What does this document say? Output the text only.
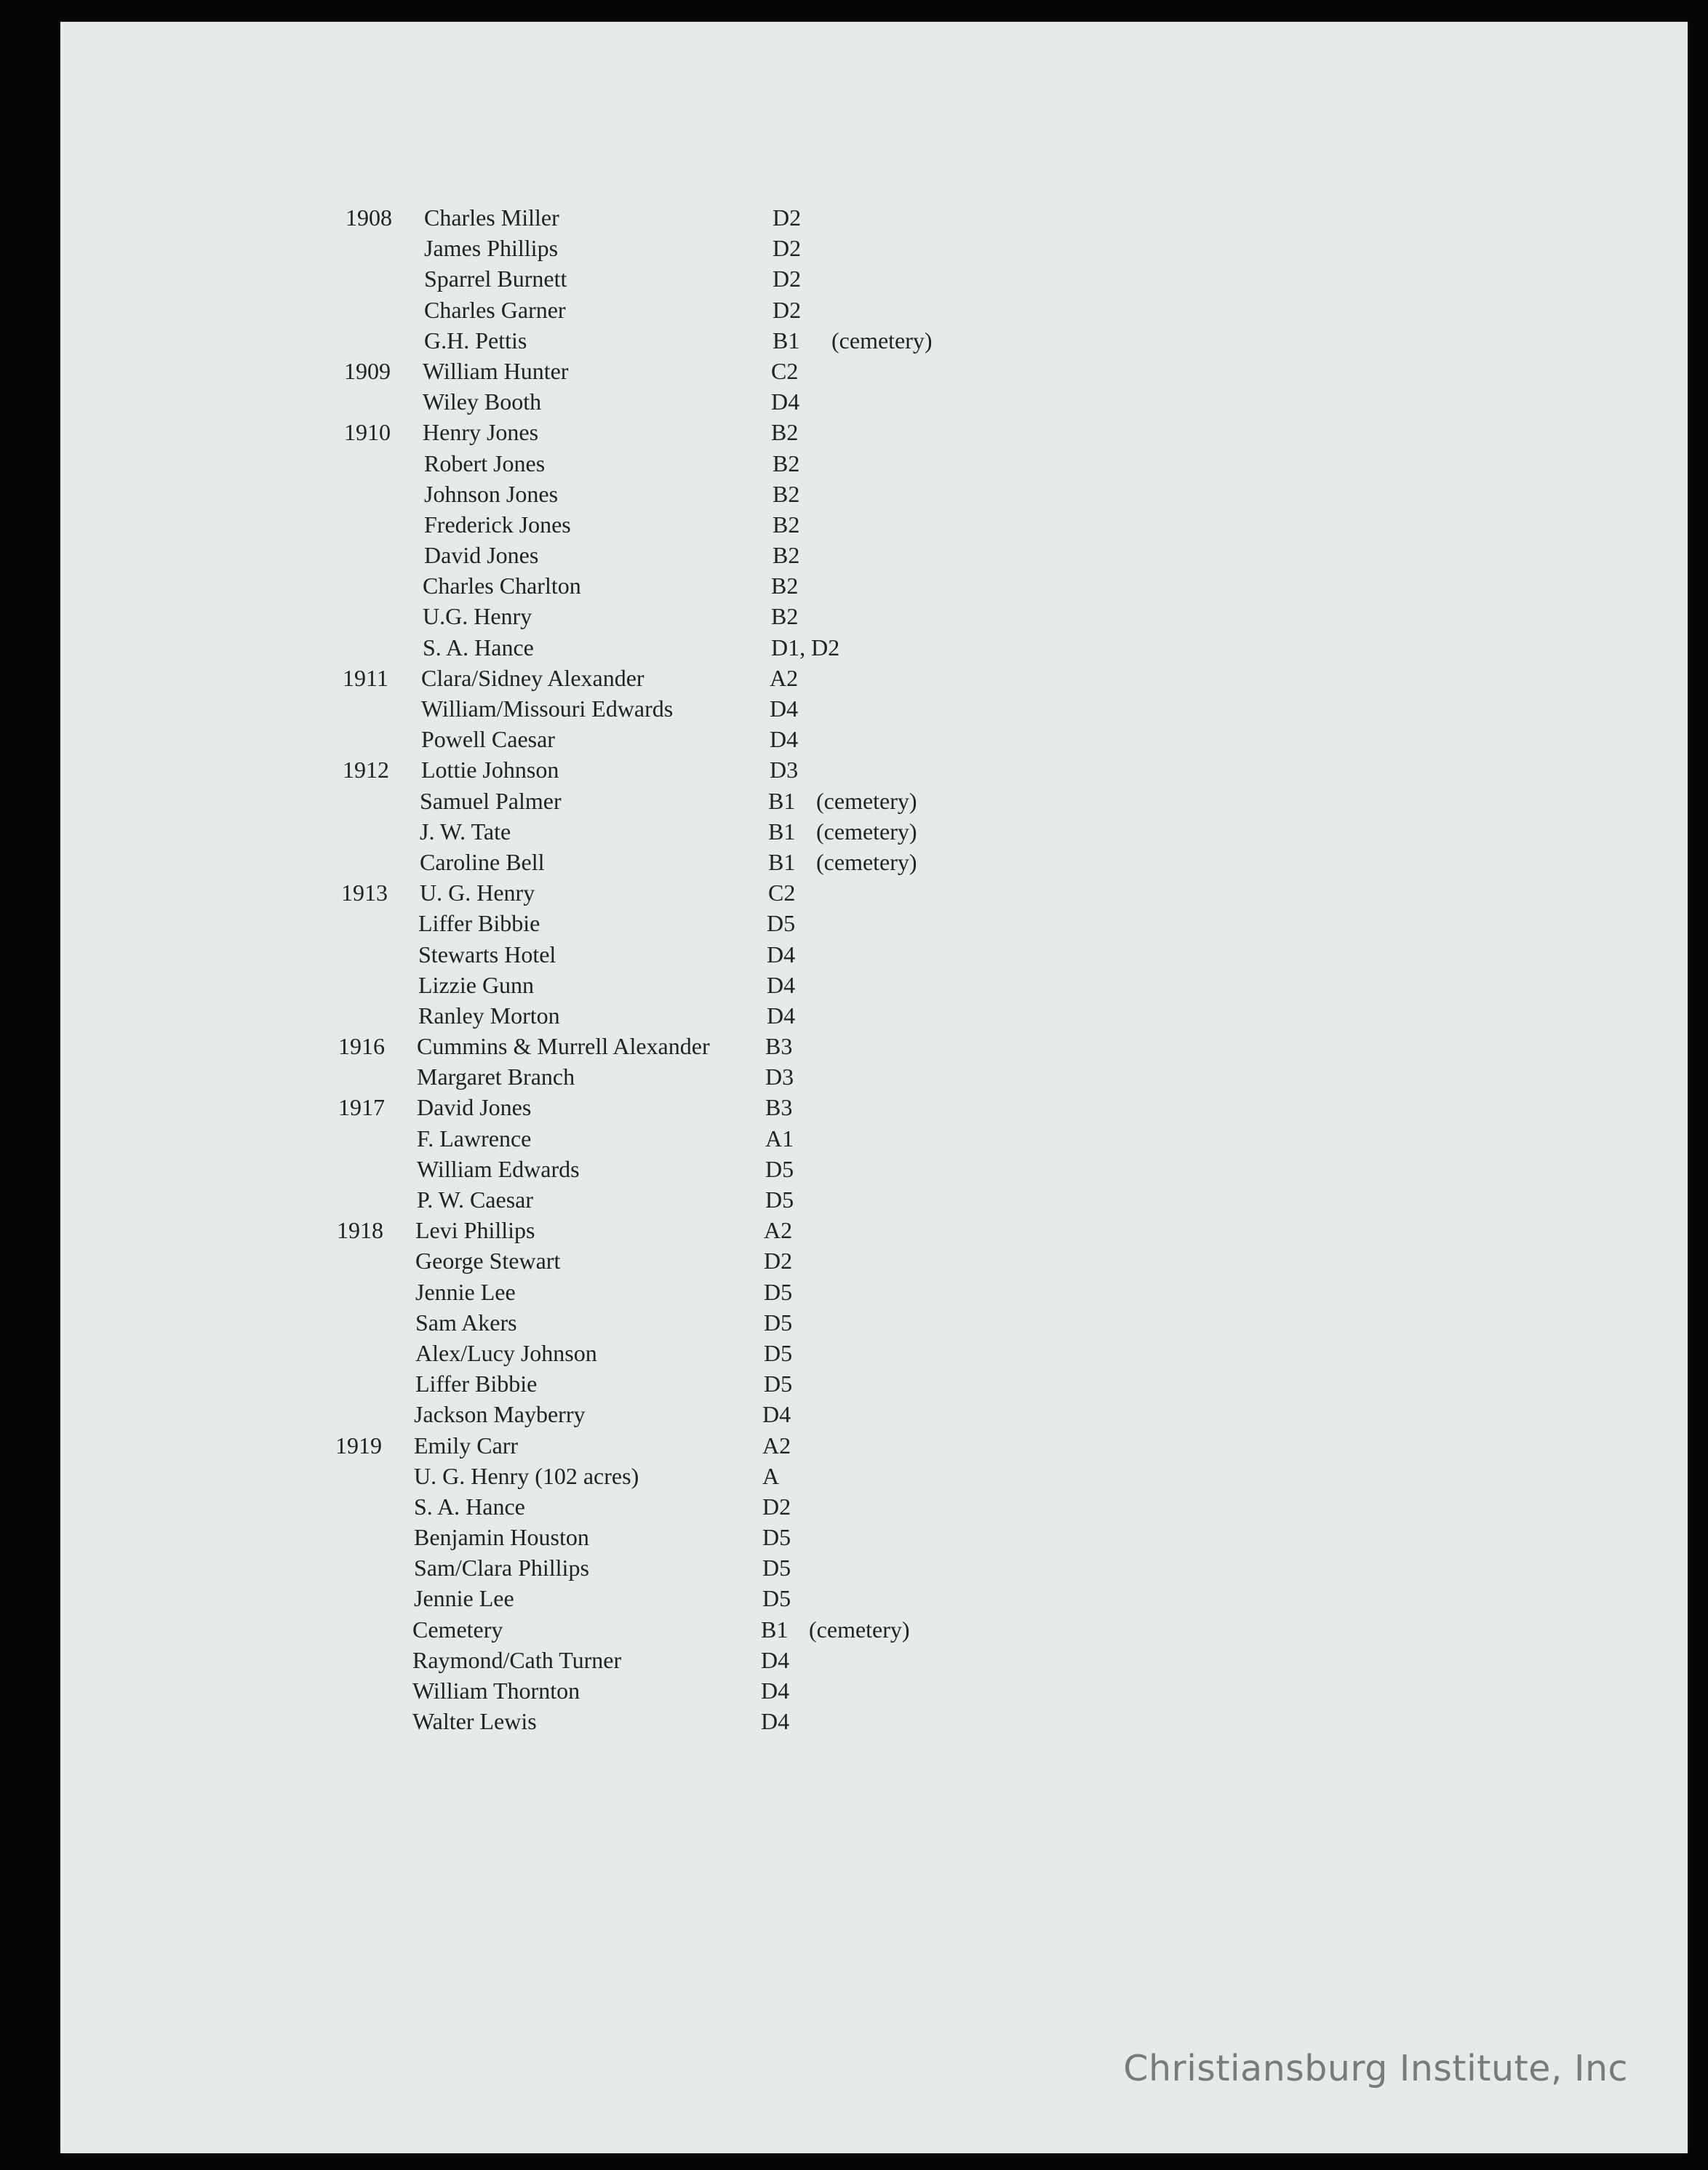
1908	Charles Miller	D2
James Phillips	D2
Sparrel Burnett	D2
Charles Garner	D2
G.H. Pettis	B1 (cemetery)
1909	William Hunter	C2
Wiley Booth	D4
1910	Henry Jones	B2
Robert Jones	B2
Johnson Jones	B2
Frederick Jones	B2
David Jones	B2
Charles Charlton	B2
U.G. Henry	B2
S. A. Hance	D1, D2
1911	Clara/Sidney Alexander	A2
William/Missouri Edwards	D4
Powell Caesar	D4
1912	Lottie Johnson	D3
Samuel Palmer	B1 (cemetery)
J. W. Tate	B1 (cemetery)
Caroline Bell	B1 (cemetery)
1913	U. G. Henry	C2
Liffer Bibbie	D5
Stewarts Hotel	D4
Lizzie Gunn	D4
Ranley Morton	D4
1916	Cummins & Murrell Alexander B3
Margaret Branch	D3
1917	David Jones	B3
F. Lawrence	A1
William Edwards	D5
P. W. Caesar	D5
1918	Levi Phillips	A2
George Stewart	D2
Jennie Lee	D5
Sam Akers	D5
Alex/Lucy Johnson	D5
Liffer Bibbie	D5
Jackson Mayberry	D4
1919	Emily Carr	A2
U. G. Henry (102 acres)	A
S. A. Hance	D2
Benjamin Houston	D5
Sam/Clara Phillips	D5
Jennie Lee	D5
Cemetery	B1 (cemetery)
Raymond/Cath Turner	D4
William Thornton	D4
Walter Lewis	D4
Christiansburg Institute, Inc
